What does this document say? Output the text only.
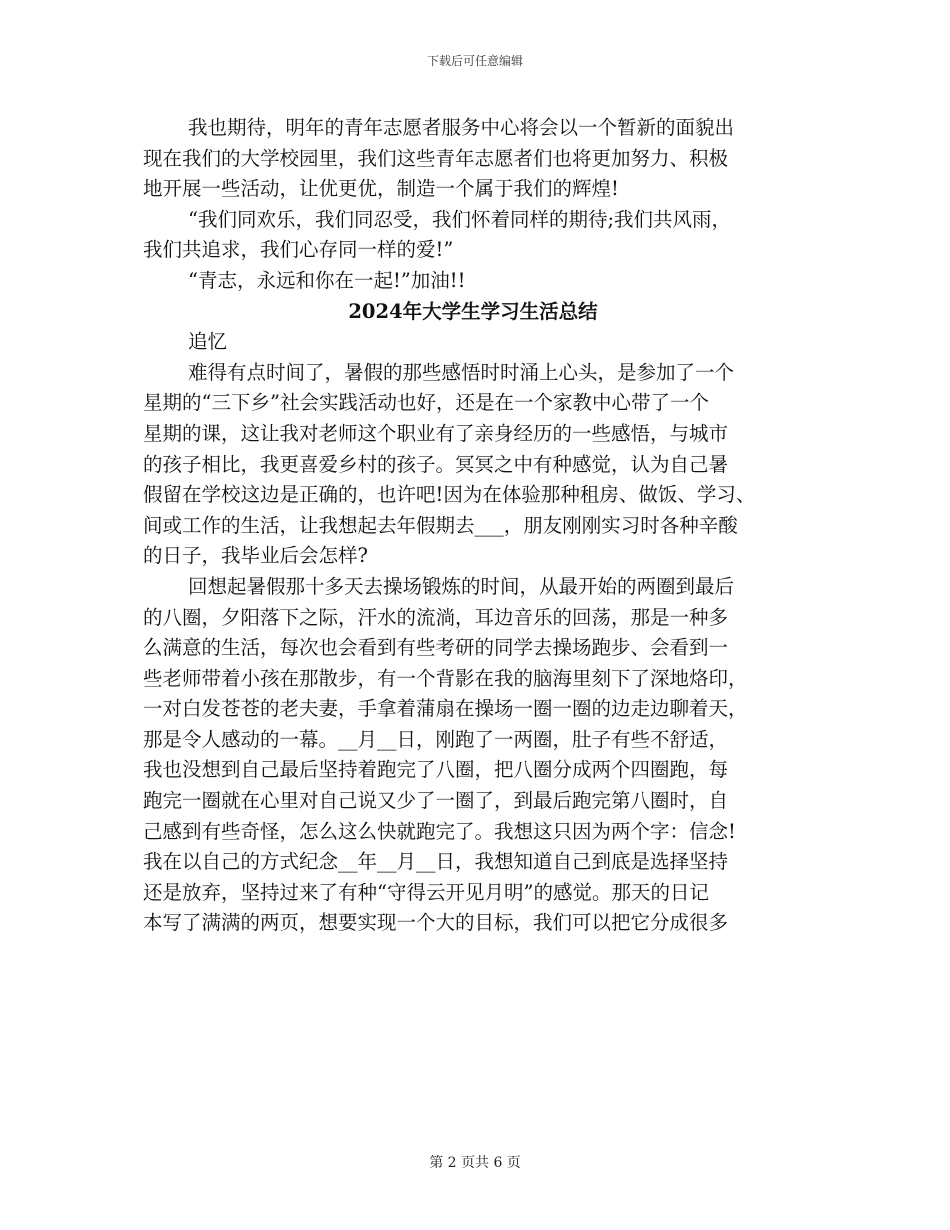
下载后可任意编辑
我也期待，明年的青年志愿者服务中心将会以一个暂新的面貌出
现在我们的大学校园里，我们这些青年志愿者们也将更加努力、积极
地开展一些活动，让优更优，制造一个属于我们的辉煌!
“我们同欢乐，我们同忍受，我们怀着同样的期待;我们共风雨，
我们共追求，我们心存同一样的爱!”
“青志，永远和你在一起!”加油!!
2024年大学生学习生活总结
追忆
难得有点时间了，暑假的那些感悟时时涌上心头，是参加了一个
星期的“三下乡”社会实践活动也好，还是在一个家教中心带了一个
星期的课，这让我对老师这个职业有了亲身经历的一些感悟，与城市
的孩子相比，我更喜爱乡村的孩子。冥冥之中有种感觉，认为自己暑
假留在学校这边是正确的，也许吧!因为在体验那种租房、做饭、学习、
间或工作的生活，让我想起去年假期去___，朋友刚刚实习时各种辛酸
的日子，我毕业后会怎样?
回想起暑假那十多天去操场锻炼的时间，从最开始的两圈到最后
的八圈，夕阳落下之际，汗水的流淌，耳边音乐的回荡，那是一种多
么满意的生活，每次也会看到有些考研的同学去操场跑步、会看到一
些老师带着小孩在那散步，有一个背影在我的脑海里刻下了深地烙印，
一对白发苍苍的老夫妻，手拿着蒲扇在操场一圈一圈的边走边聊着天，
那是令人感动的一幕。__月__日，刚跑了一两圈，肚子有些不舒适，
我也没想到自己最后坚持着跑完了八圈，把八圈分成两个四圈跑，每
跑完一圈就在心里对自己说又少了一圈了，到最后跑完第八圈时，自
己感到有些奇怪，怎么这么快就跑完了。我想这只因为两个字：信念!
我在以自己的方式纪念__年__月__日，我想知道自己到底是选择坚持
还是放弃，坚持过来了有种“守得云开见月明”的感觉。那天的日记
本写了满满的两页，想要实现一个大的目标，我们可以把它分成很多
第 2 页共 6 页
